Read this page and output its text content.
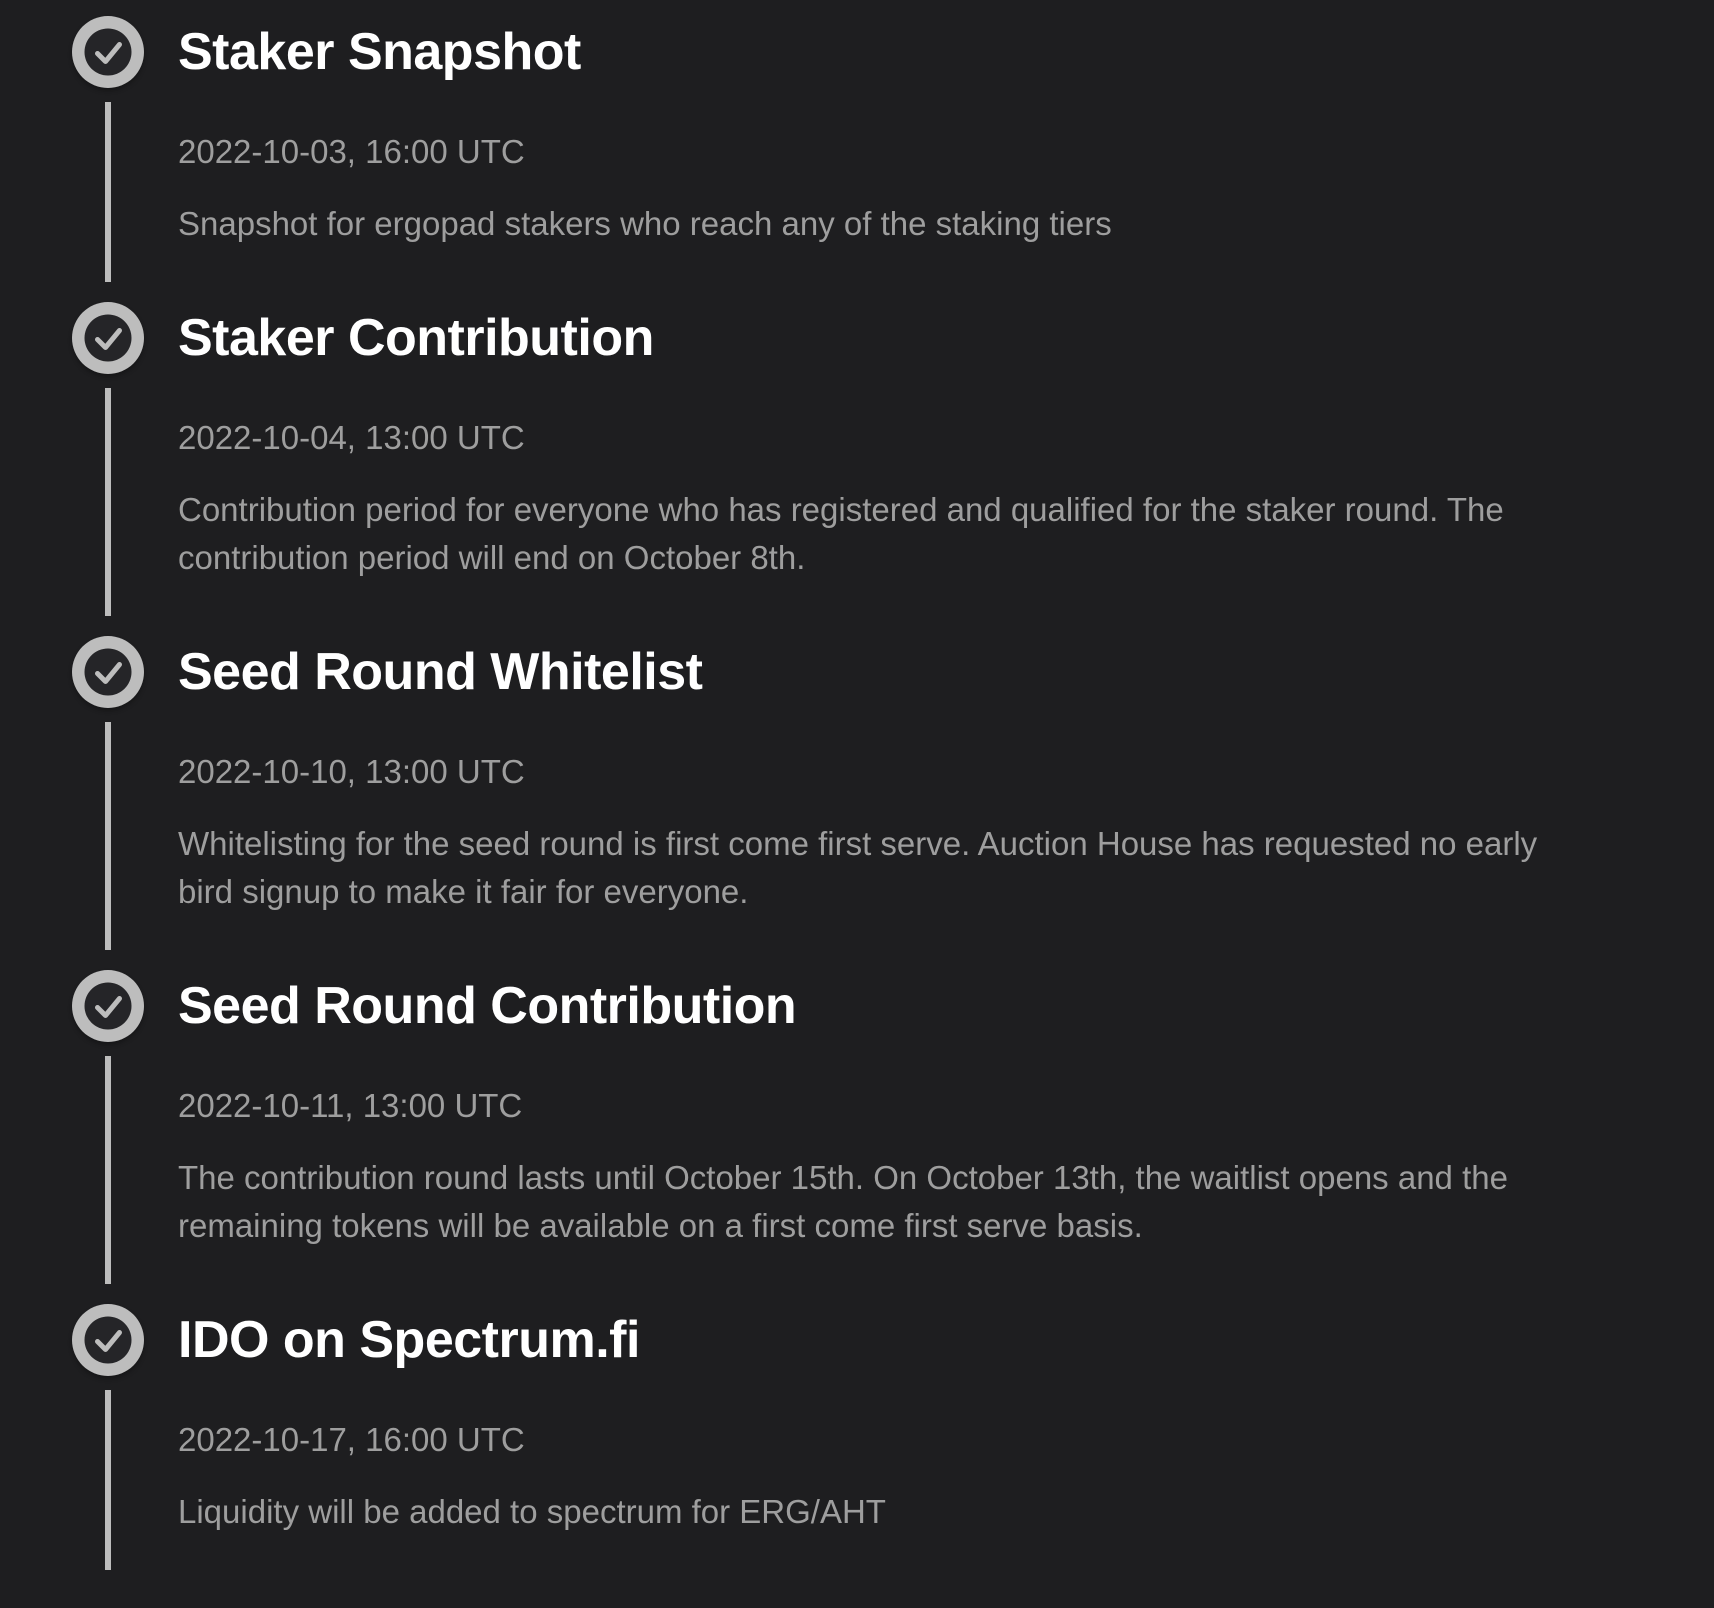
Staker Snapshot
2022-10-03, 16:00 UTC

Snapshot for ergopad stakers who reach any of the staking tiers

Staker Contribution
2022-10-04, 13:00 UTC

Contribution period for everyone who has registered and qualified for the staker round. The contribution period will end on October 8th.

Seed Round Whitelist
2022-10-10, 13:00 UTC

Whitelisting for the seed round is first come first serve. Auction House has requested no early bird signup to make it fair for everyone.

Seed Round Contribution
2022-10-11, 13:00 UTC

The contribution round lasts until October 15th. On October 13th, the waitlist opens and the remaining tokens will be available on a first come first serve basis.

IDO on Spectrum.fi
2022-10-17, 16:00 UTC

Liquidity will be added to spectrum for ERG/AHT
